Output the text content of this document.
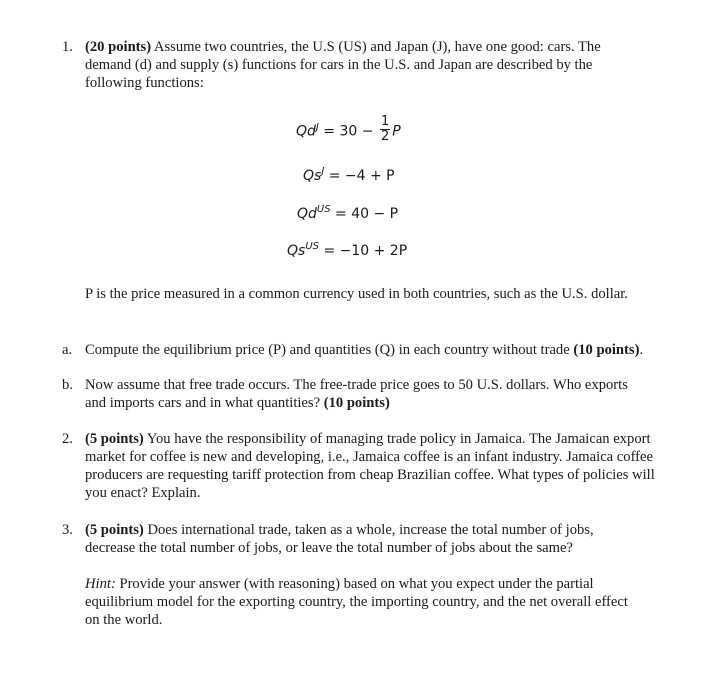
1. (20 points) Assume two countries, the U.S (US) and Japan (J), have one good: cars. The demand (d) and supply (s) functions for cars in the U.S. and Japan are described by the following functions:
$Qd^J = 30 - \frac{1}{2}$ P
$Qs^J = -4 + P$
$Qd^{US} = 40 - P$
$Qs^{US} = -10 + 2P$
P is the price measured in a common currency used in both countries, such as the U.S. dollar.
a. Compute the equilibrium price (P) and quantities (Q) in each country without trade (10 points).
b. Now assume that free trade occurs. The free-trade price goes to 50 U.S. dollars. Who exports and imports cars and in what quantities? (10 points)
2. (5 points) You have the responsibility of managing trade policy in Jamaica. The Jamaican export market for coffee is new and developing, i.e., Jamaica coffee is an infant industry. Jamaica coffee producers are requesting tariff protection from cheap Brazilian coffee. What types of policies will you enact? Explain.
3. (5 points) Does international trade, taken as a whole, increase the total number of jobs, decrease the total number of jobs, or leave the total number of jobs about the same?
Hint: Provide your answer (with reasoning) based on what you expect under the partial equilibrium model for the exporting country, the importing country, and the net overall effect on the world.
